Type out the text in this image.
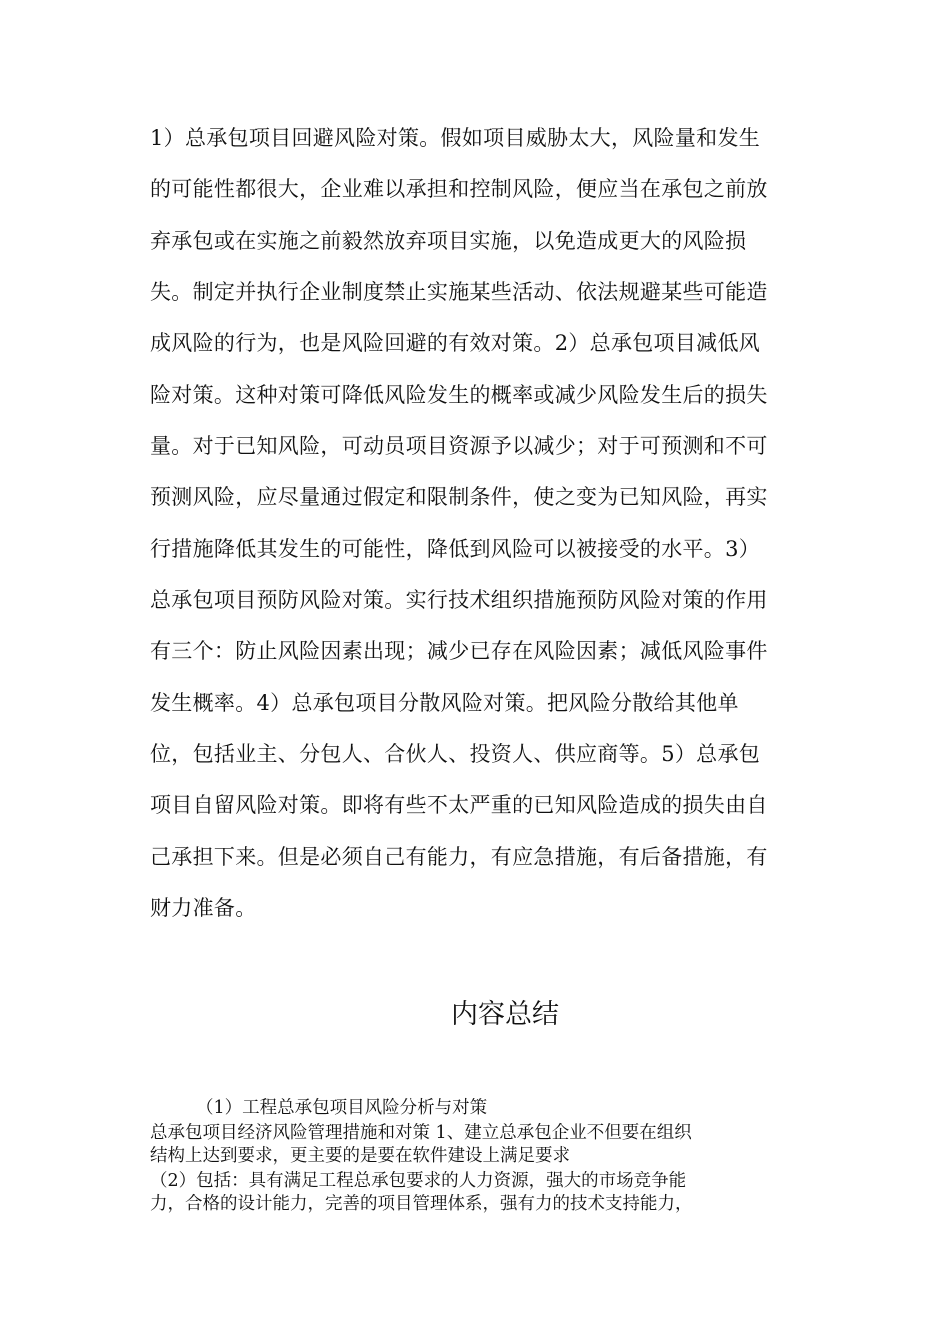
1）总承包项目回避风险对策。假如项目威胁太大，风险量和发生
的可能性都很大，企业难以承担和控制风险，便应当在承包之前放
弃承包或在实施之前毅然放弃项目实施，以免造成更大的风险损
失。制定并执行企业制度禁止实施某些活动、依法规避某些可能造
成风险的行为，也是风险回避的有效对策。2）总承包项目减低风
险对策。这种对策可降低风险发生的概率或减少风险发生后的损失
量。对于已知风险，可动员项目资源予以减少；对于可预测和不可
预测风险，应尽量通过假定和限制条件，使之变为已知风险，再实
行措施降低其发生的可能性，降低到风险可以被接受的水平。3）
总承包项目预防风险对策。实行技术组织措施预防风险对策的作用
有三个：防止风险因素出现；减少已存在风险因素；减低风险事件
发生概率。4）总承包项目分散风险对策。把风险分散给其他单
位，包括业主、分包人、合伙人、投资人、供应商等。5）总承包
项目自留风险对策。即将有些不太严重的已知风险造成的损失由自
己承担下来。但是必须自己有能力，有应急措施，有后备措施，有
财力准备。
内容总结
（1）工程总承包项目风险分析与对策
总承包项目经济风险管理措施和对策 1、建立总承包企业不但要在组织
结构上达到要求，更主要的是要在软件建设上满足要求
（2）包括：具有满足工程总承包要求的人力资源，强大的市场竞争能
力，合格的设计能力，完善的项目管理体系，强有力的技术支持能力，
